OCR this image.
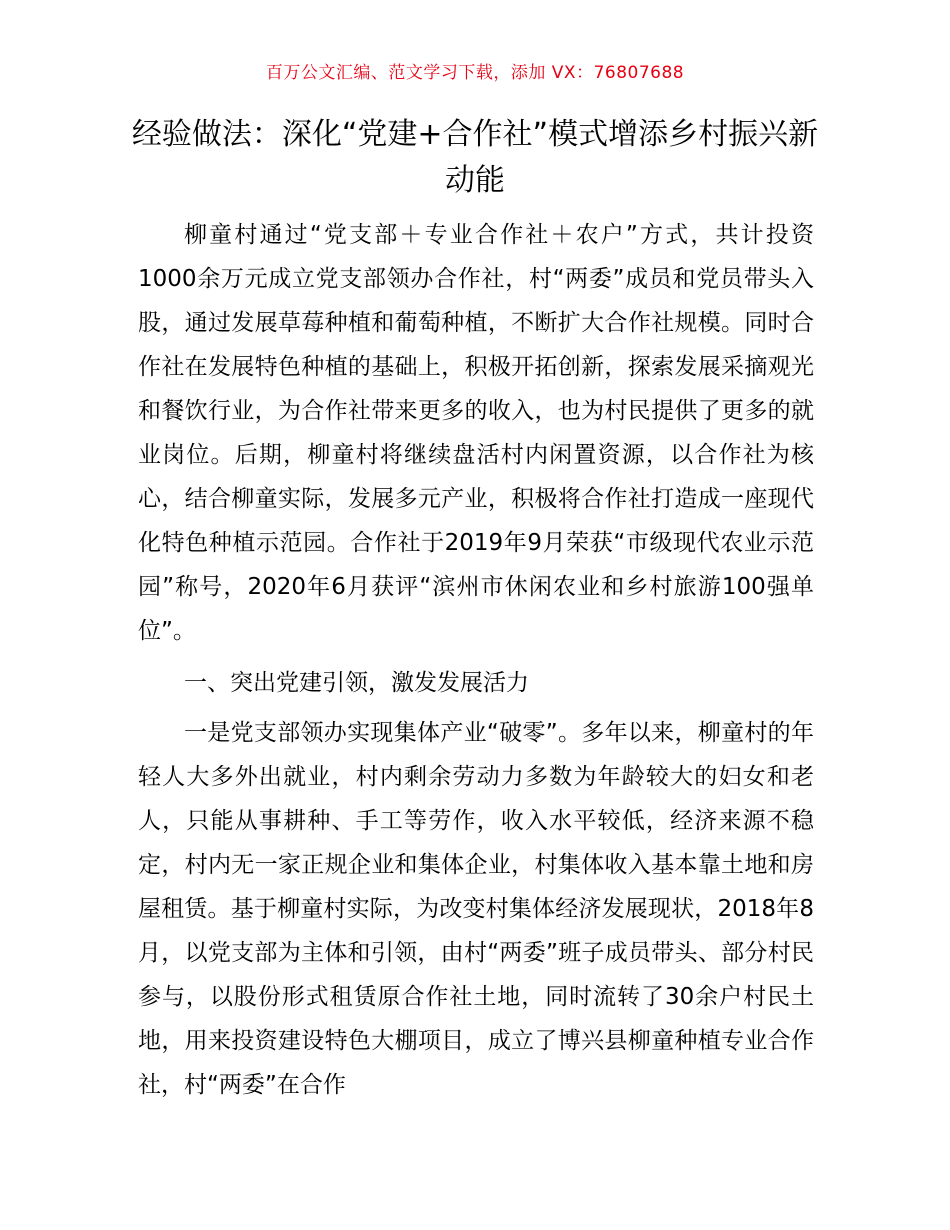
百万公文汇编、范文学习下载，添加 VX：76807688
经验做法：深化“党建+合作社”模式增添乡村振兴新动能

柳童村通过“党支部＋专业合作社＋农户”方式，共计投资1000余万元成立党支部领办合作社，村“两委”成员和党员带头入股，通过发展草莓种植和葡萄种植，不断扩大合作社规模。同时合作社在发展特色种植的基础上，积极开拓创新，探索发展采摘观光和餐饮行业，为合作社带来更多的收入，也为村民提供了更多的就业岗位。后期，柳童村将继续盘活村内闲置资源，以合作社为核心，结合柳童实际，发展多元产业，积极将合作社打造成一座现代化特色种植示范园。合作社于2019年9月荣获“市级现代农业示范园”称号，2020年6月获评“滨州市休闲农业和乡村旅游100强单位”。

一、突出党建引领，激发发展活力

一是党支部领办实现集体产业“破零”。多年以来，柳童村的年轻人大多外出就业，村内剩余劳动力多数为年龄较大的妇女和老人，只能从事耕种、手工等劳作，收入水平较低，经济来源不稳定，村内无一家正规企业和集体企业，村集体收入基本靠土地和房屋租赁。基于柳童村实际，为改变村集体经济发展现状，2018年8月，以党支部为主体和引领，由村“两委”班子成员带头、部分村民参与，以股份形式租赁原合作社土地，同时流转了30余户村民土地，用来投资建设特色大棚项目，成立了博兴县柳童种植专业合作社，村“两委”在合作
